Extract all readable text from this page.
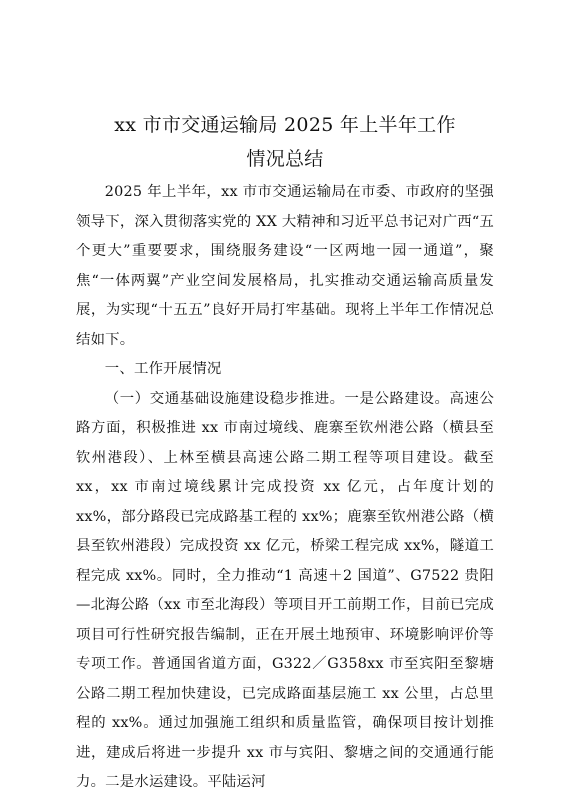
xx 市市交通运输局 2025 年上半年工作
情况总结

2025 年上半年，xx 市市交通运输局在市委、市政府的坚强领导下，深入贯彻落实党的 XX 大精神和习近平总书记对广西“五个更大”重要要求，围绕服务建设“一区两地一园一通道”，聚焦“一体两翼”产业空间发展格局，扎实推动交通运输高质量发展，为实现“十五五”良好开局打牢基础。现将上半年工作情况总结如下。

一、工作开展情况

（一）交通基础设施建设稳步推进。一是公路建设。高速公路方面，积极推进 xx 市南过境线、鹿寨至钦州港公路（横县至钦州港段）、上林至横县高速公路二期工程等项目建设。截至 xx，xx 市南过境线累计完成投资 xx 亿元，占年度计划的 xx%，部分路段已完成路基工程的 xx%；鹿寨至钦州港公路（横县至钦州港段）完成投资 xx 亿元，桥梁工程完成 xx%，隧道工程完成 xx%。同时，全力推动“1 高速＋2 国道”、G7522 贵阳—北海公路（xx 市至北海段）等项目开工前期工作，目前已完成项目可行性研究报告编制，正在开展土地预审、环境影响评价等专项工作。普通国省道方面，G322／G358xx 市至宾阳至黎塘公路二期工程加快建设，已完成路面基层施工 xx 公里，占总里程的 xx%。通过加强施工组织和质量监管，确保项目按计划推进，建成后将进一步提升 xx 市与宾阳、黎塘之间的交通通行能力。二是水运建设。平陆运河
